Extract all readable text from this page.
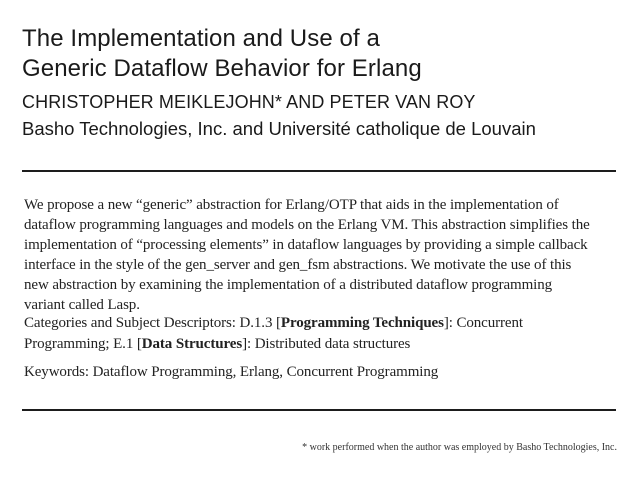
The Implementation and Use of a
Generic Dataflow Behavior for Erlang
CHRISTOPHER MEIKLEJOHN* AND PETER VAN ROY
Basho Technologies, Inc. and Université catholique de Louvain
We propose a new “generic” abstraction for Erlang/OTP that aids in the implementation of
dataflow programming languages and models on the Erlang VM. This abstraction simplifies the
implementation of “processing elements” in dataflow languages by providing a simple callback
interface in the style of the gen_server and gen_fsm abstractions. We motivate the use of this
new abstraction by examining the implementation of a distributed dataflow programming
variant called Lasp.
Categories and Subject Descriptors: D.1.3 [Programming Techniques]: Concurrent
Programming; E.1 [Data Structures]: Distributed data structures
Keywords: Dataflow Programming, Erlang, Concurrent Programming
* work performed when the author was employed by Basho Technologies, Inc.
